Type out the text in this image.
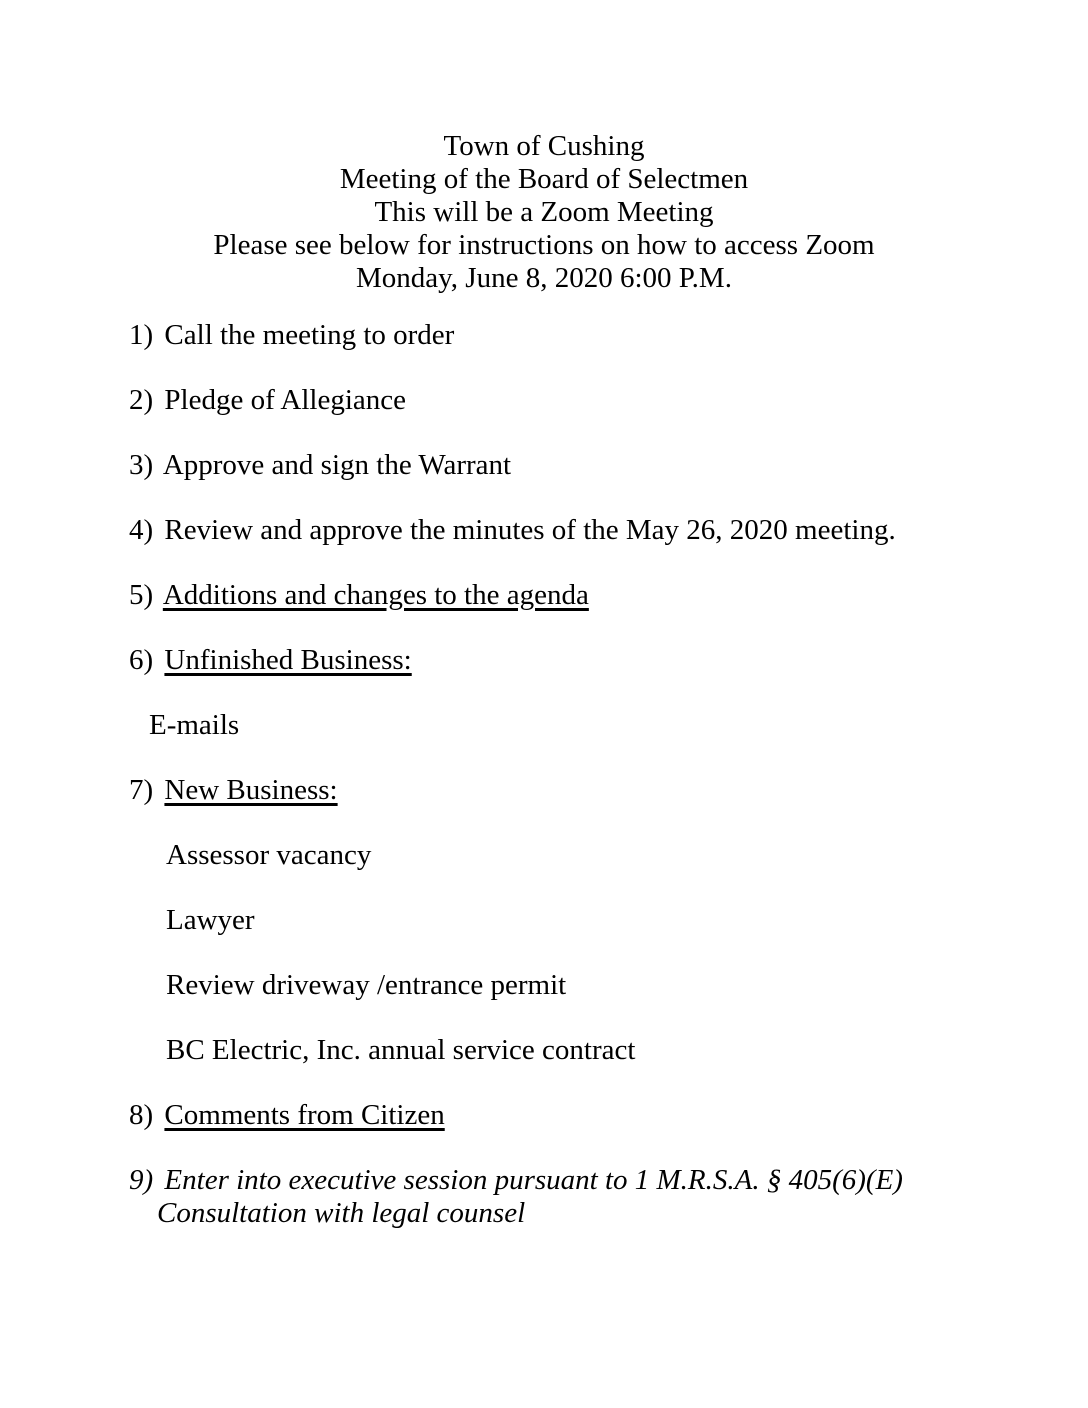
Town of Cushing
Meeting of the Board of Selectmen
This will be a Zoom Meeting
Please see below for instructions on how to access Zoom
Monday, June 8, 2020 6:00 P.M.
1) Call the meeting to order
2) Pledge of Allegiance
3) Approve and sign the Warrant
4) Review and approve the minutes of the May 26, 2020 meeting.
5) Additions and changes to the agenda
6) Unfinished Business:
E-mails
7) New Business:
Assessor vacancy
Lawyer
Review driveway /entrance permit
BC Electric, Inc. annual service contract
8) Comments from Citizen
9) Enter into executive session pursuant to 1 M.R.S.A. § 405(6)(E)
Consultation with legal counsel
